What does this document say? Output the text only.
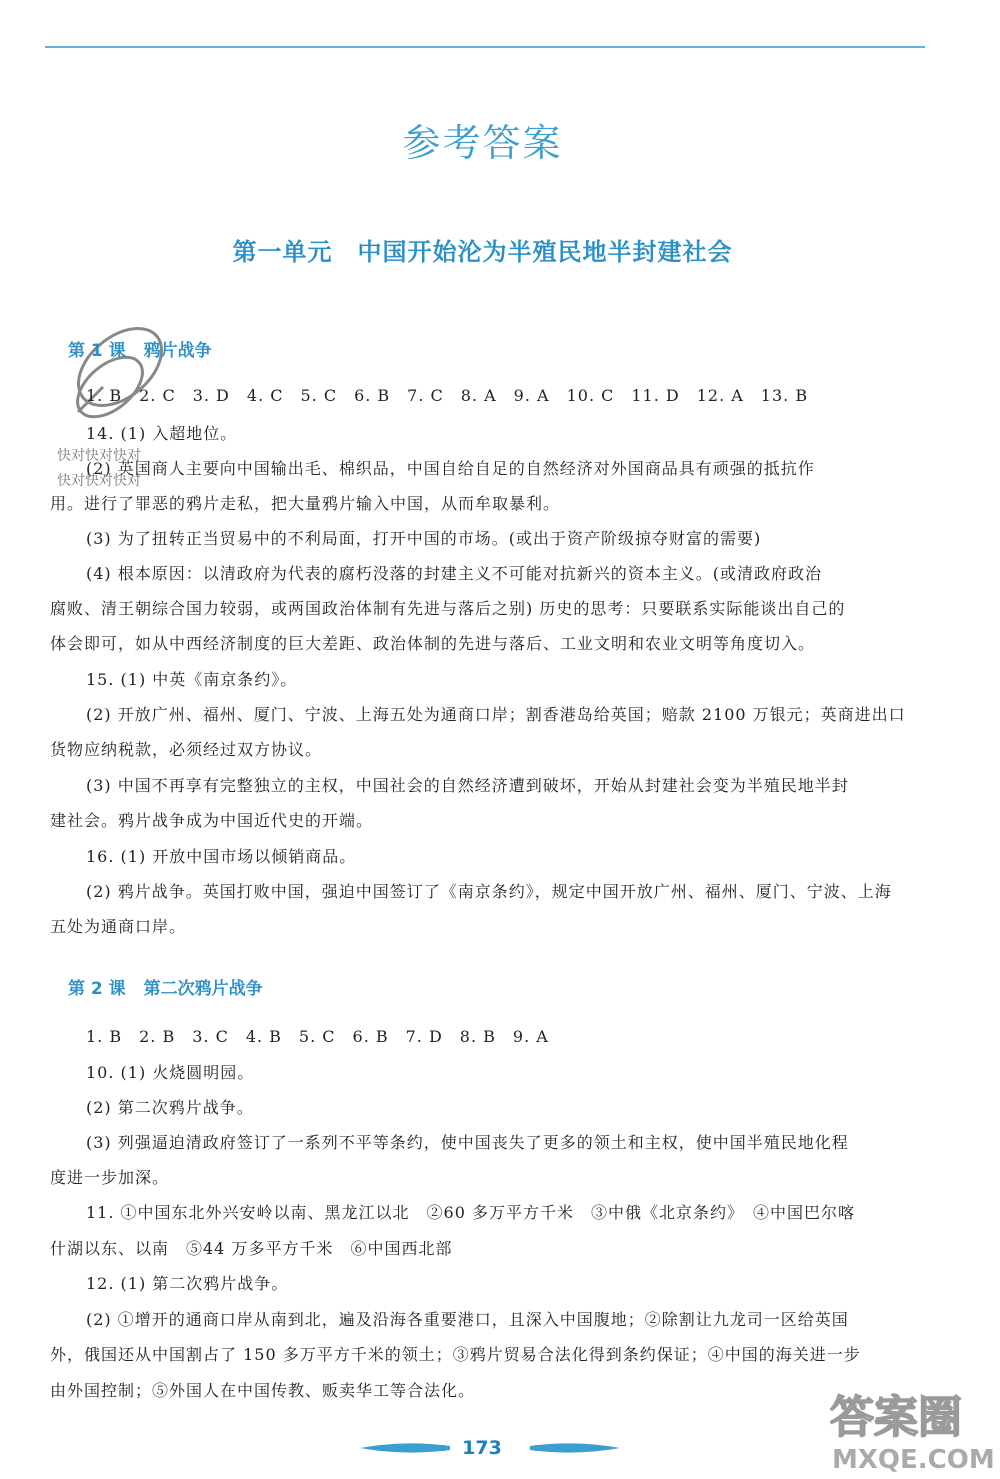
参考答案
第一单元　中国开始沦为半殖民地半封建社会
快对快对快对
快对快对快对
第 1 课 鸦片战争
1. B　2. C　3. D　4. C　5. C　6. B　7. C　8. A　9. A　10. C　11. D　12. A　13. B
14. (1) 入超地位。
(2) 英国商人主要向中国输出毛、棉织品，中国自给自足的自然经济对外国商品具有顽强的抵抗作
用。进行了罪恶的鸦片走私，把大量鸦片输入中国，从而牟取暴利。
(3) 为了扭转正当贸易中的不利局面，打开中国的市场。(或出于资产阶级掠夺财富的需要)
(4) 根本原因：以清政府为代表的腐朽没落的封建主义不可能对抗新兴的资本主义。(或清政府政治
腐败、清王朝综合国力较弱，或两国政治体制有先进与落后之别) 历史的思考：只要联系实际能谈出自己的
体会即可，如从中西经济制度的巨大差距、政治体制的先进与落后、工业文明和农业文明等角度切入。
15. (1) 中英《南京条约》。
(2) 开放广州、福州、厦门、宁波、上海五处为通商口岸；割香港岛给英国；赔款 2100 万银元；英商进出口
货物应纳税款，必须经过双方协议。
(3) 中国不再享有完整独立的主权，中国社会的自然经济遭到破坏，开始从封建社会变为半殖民地半封
建社会。鸦片战争成为中国近代史的开端。
16. (1) 开放中国市场以倾销商品。
(2) 鸦片战争。英国打败中国，强迫中国签订了《南京条约》，规定中国开放广州、福州、厦门、宁波、上海
五处为通商口岸。
第 2 课 第二次鸦片战争
1. B　2. B　3. C　4. B　5. C　6. B　7. D　8. B　9. A
10. (1) 火烧圆明园。
(2) 第二次鸦片战争。
(3) 列强逼迫清政府签订了一系列不平等条约，使中国丧失了更多的领土和主权，使中国半殖民地化程
度进一步加深。
11. ①中国东北外兴安岭以南、黑龙江以北　②60 多万平方千米　③中俄《北京条约》　④中国巴尔喀
什湖以东、以南　⑤44 万多平方千米　⑥中国西北部
12. (1) 第二次鸦片战争。
(2) ①增开的通商口岸从南到北，遍及沿海各重要港口，且深入中国腹地；②除割让九龙司一区给英国
外，俄国还从中国割占了 150 多万平方千米的领土；③鸦片贸易合法化得到条约保证；④中国的海关进一步
由外国控制；⑤外国人在中国传教、贩卖华工等合法化。
173
答案圈
MXQE.COM
